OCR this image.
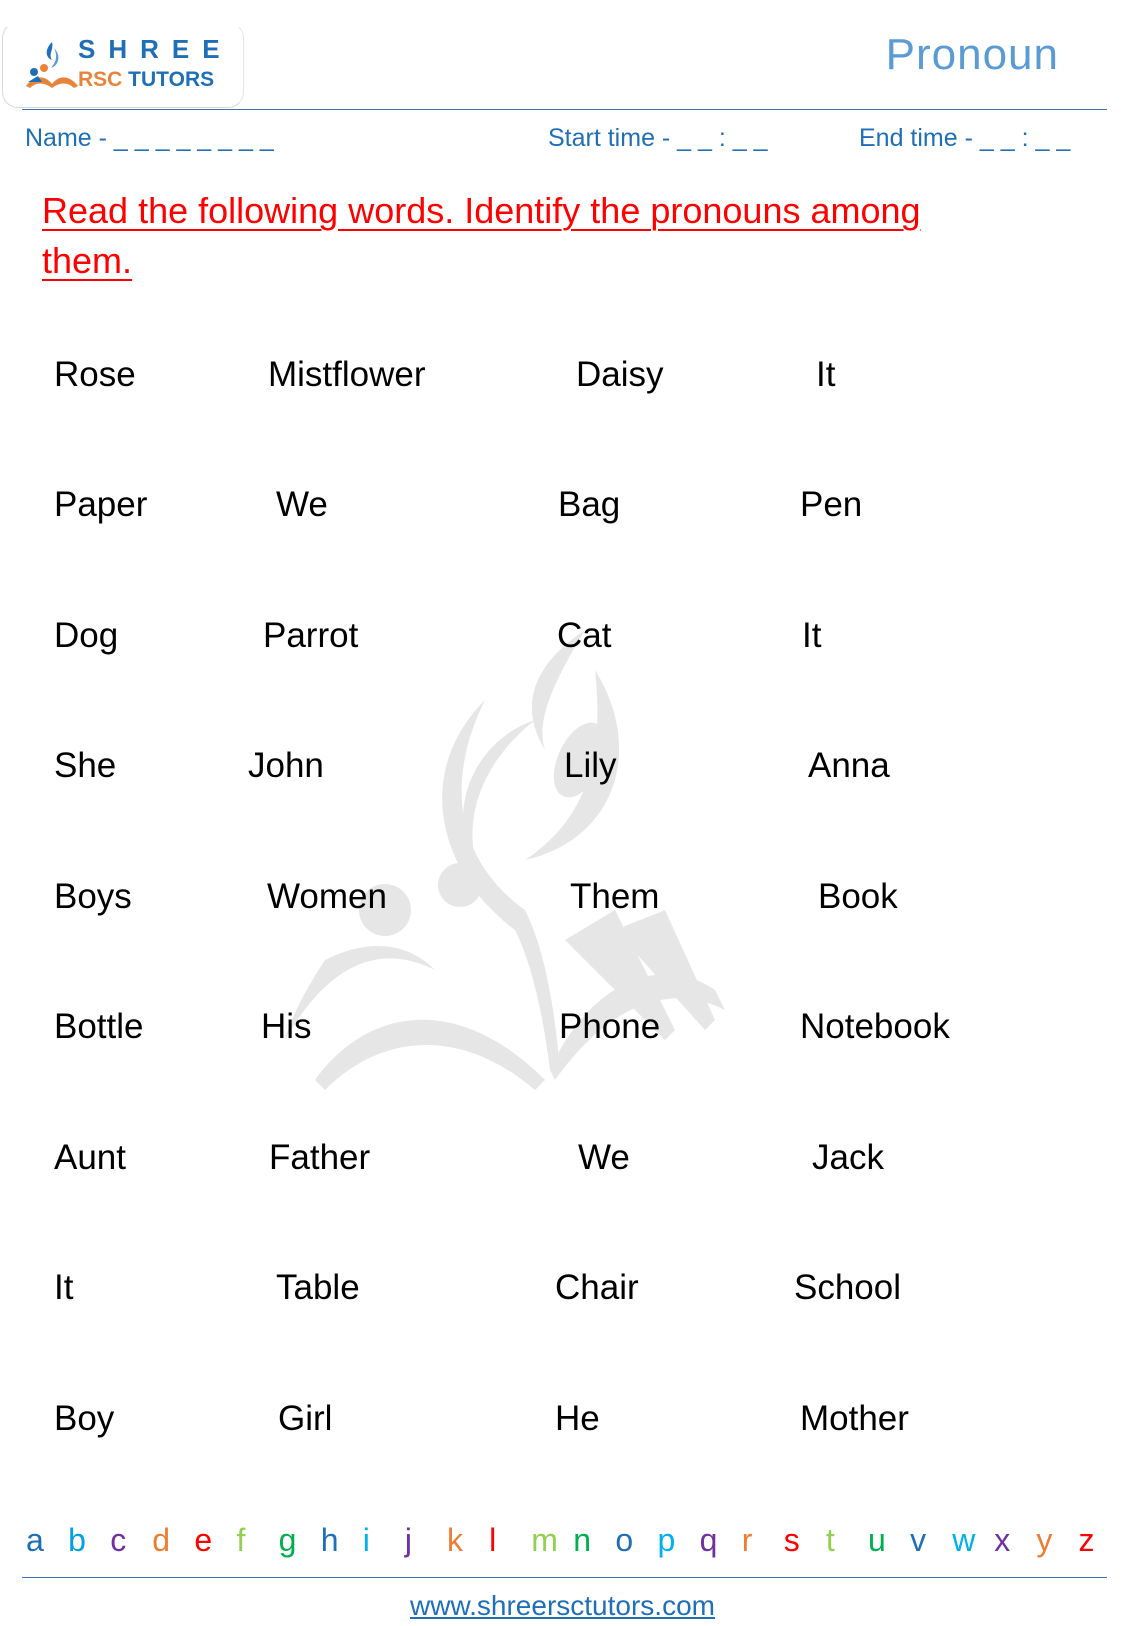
SHREE
RSC TUTORS
Pronoun
Name - _ _ _ _ _ _ _ _	Start time - _ _ : _ _	End time - _ _ : _ _
Read the following words. Identify the pronouns among
them.
Rose	Mistflower	Daisy	It
Paper	We	Bag	Pen
Dog	Parrot	Cat	It
She	John	Lily	Anna
Boys	Women	Them	Book
Bottle	His	Phone	Notebook
Aunt	Father	We	Jack
It	Table	Chair	School
Boy	Girl	He	Mother
a b c d e f g h i j k l m n o p q r s t u v w x y z
www.shreersctutors.com
